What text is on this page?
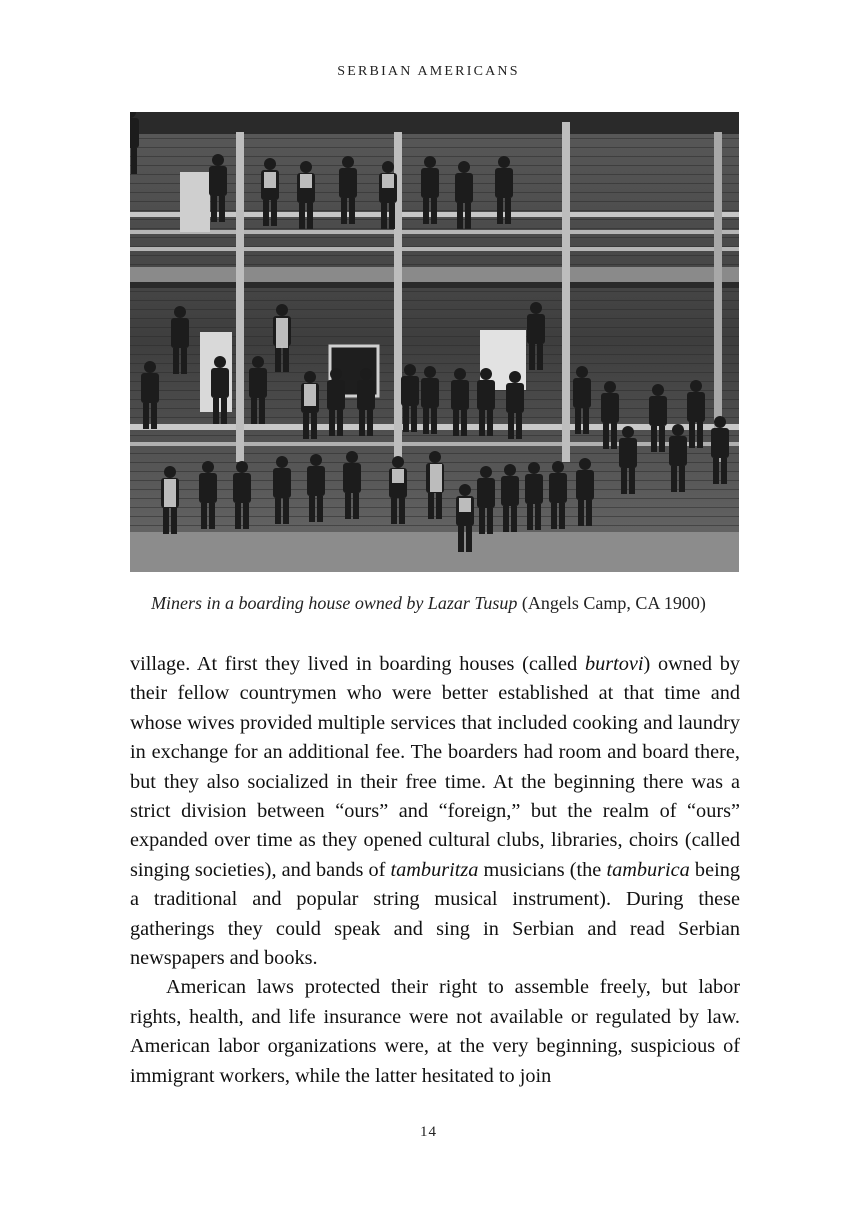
SERBIAN AMERICANS
Miners in a boarding house owned by Lazar Tusup (Angels Camp, CA 1900)

village. At first they lived in boarding houses (called burtovi) owned by their fellow countrymen who were better established at that time and whose wives provided multiple services that included cooking and laundry in exchange for an additional fee. The boarders had room and board there, but they also socialized in their free time. At the beginning there was a strict division between “ours” and “foreign,” but the realm of “ours” expanded over time as they opened cultural clubs, libraries, choirs (called singing societies), and bands of tamburitza musicians (the tamburica being a traditional and popular string musical instrument). During these gatherings they could speak and sing in Serbian and read Serbian newspapers and books.

American laws protected their right to assemble freely, but labor rights, health, and life insurance were not available or regulated by law. American labor organizations were, at the very beginning, suspicious of immigrant workers, while the latter hesitated to join

14
